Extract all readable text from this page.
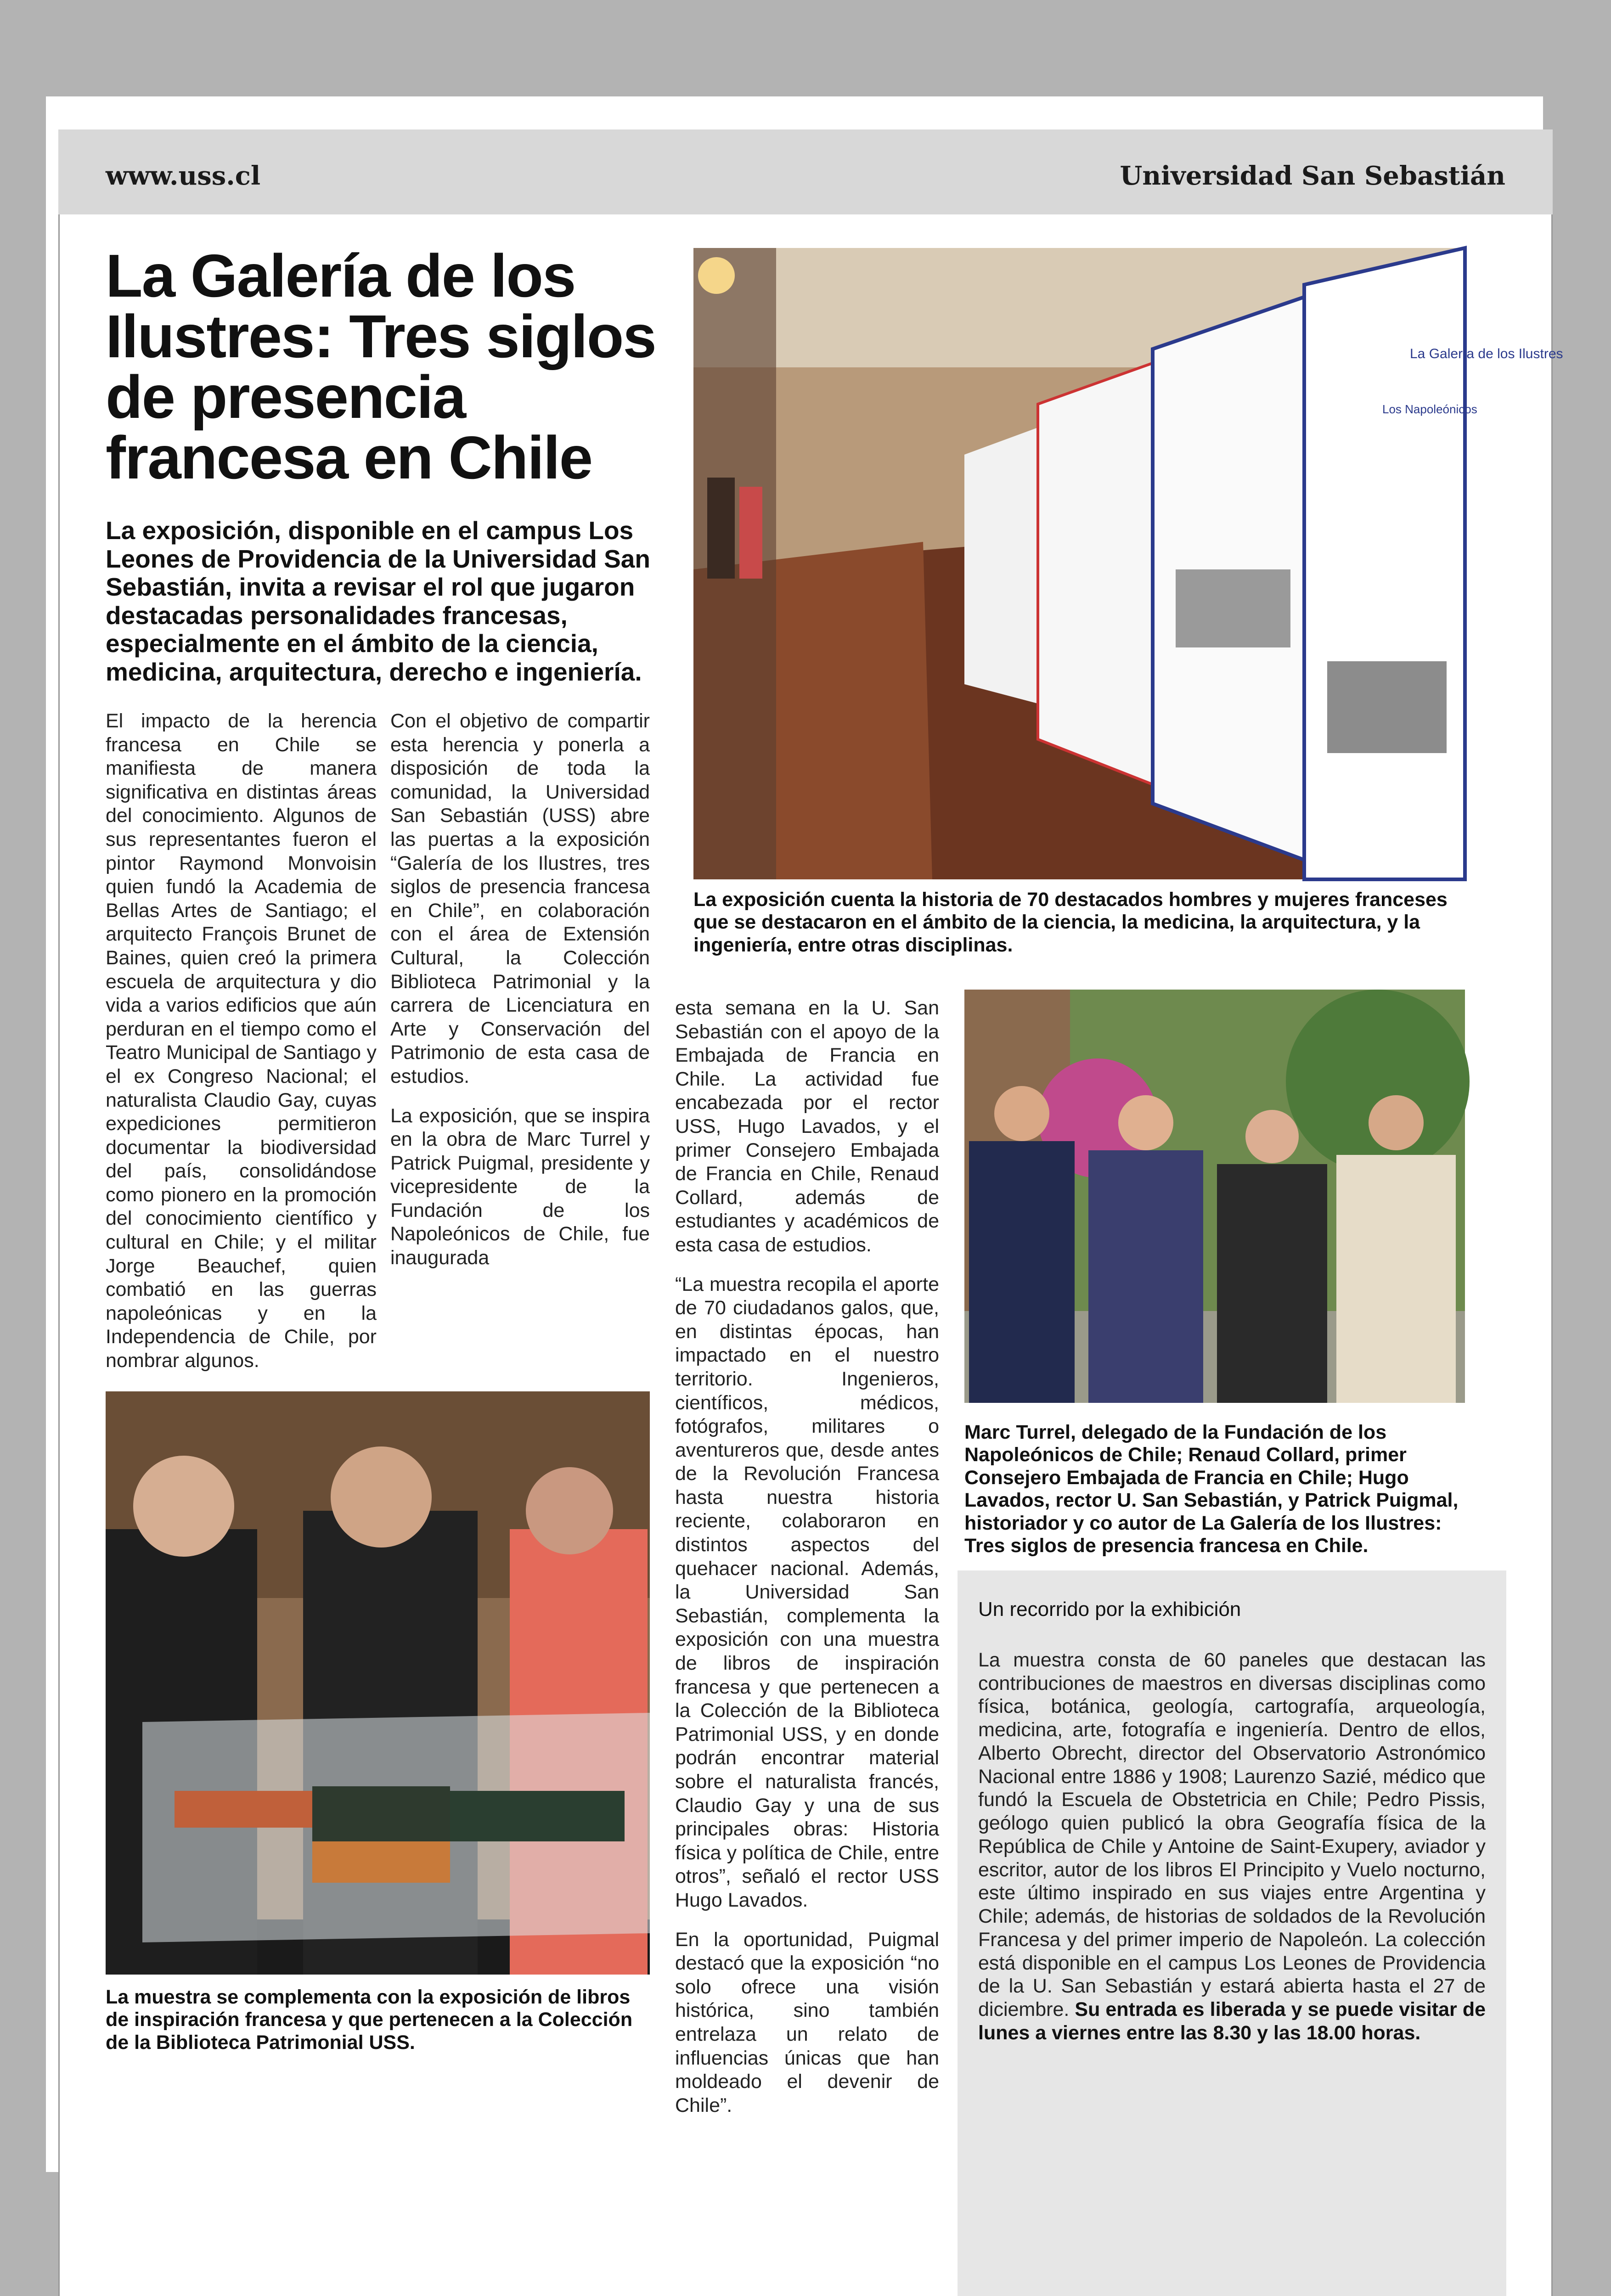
www.uss.cl	Universidad San Sebastián
La Galería de los Ilustres: Tres siglos de presencia francesa en Chile

La exposición, disponible en el campus Los Leones de Providencia de la Universidad San Sebastián, invita a revisar el rol que jugaron destacadas personalidades francesas, especialmente en el ámbito de la ciencia, medicina, arquitectura, derecho e ingeniería.

El impacto de la herencia francesa en Chile se manifiesta de manera significativa en distintas áreas del conocimiento. Algunos de sus representantes fueron el pintor Raymond Monvoisin quien fundó la Academia de Bellas Artes de Santiago; el arquitecto François Brunet de Baines, quien creó la primera escuela de arquitectura y dio vida a varios edificios que aún perduran en el tiempo como el Teatro Municipal de Santiago y el ex Congreso Nacional; el naturalista Claudio Gay, cuyas expediciones permitieron documentar la biodiversidad del país, consolidándose como pionero en la promoción del conocimiento científico y cultural en Chile; y el militar Jorge Beauchef, quien combatió en las guerras napoleónicas y en la Independencia de Chile, por nombrar algunos.

Con el objetivo de compartir esta herencia y ponerla a disposición de toda la comunidad, la Universidad San Sebastián (USS) abre las puertas a la exposición “Galería de los Ilustres, tres siglos de presencia francesa en Chile”, en colaboración con el área de Extensión Cultural, la Colección Biblioteca Patrimonial y la carrera de Licenciatura en Arte y Conservación del Patrimonio de esta casa de estudios.

La exposición, que se inspira en la obra de Marc Turrel y Patrick Puigmal, presidente y vicepresidente de la Fundación de los Napoleónicos de Chile, fue inaugurada

esta semana en la U. San Sebastián con el apoyo de la Embajada de Francia en Chile. La actividad fue encabezada por el rector USS, Hugo Lavados, y el primer Consejero Embajada de Francia en Chile, Renaud Collard, además de estudiantes y académicos de esta casa de estudios.

“La muestra recopila el aporte de 70 ciudadanos galos, que, en distintas épocas, han impactado en el nuestro territorio. Ingenieros, científicos, médicos, fotógrafos, militares o aventureros que, desde antes de la Revolución Francesa hasta nuestra historia reciente, colaboraron en distintos aspectos del quehacer nacional. Además, la Universidad San Sebastián, complementa la exposición con una muestra de libros de inspiración francesa y que pertenecen a la Colección de la Biblioteca Patrimonial USS, y en donde podrán encontrar material sobre el naturalista francés, Claudio Gay y una de sus principales obras: Historia física y política de Chile, entre otros”, señaló el rector USS Hugo Lavados.

En la oportunidad, Puigmal destacó que la exposición “no solo ofrece una visión histórica, sino también entrelaza un relato de influencias únicas que han moldeado el devenir de Chile”.

La Galería de los Ilustres
Los Napoleónicos
La exposición cuenta la historia de 70 destacados hombres y mujeres franceses que se destacaron en el ámbito de la ciencia, la medicina, la arquitectura, y la ingeniería, entre otras disciplinas.
Marc Turrel, delegado de la Fundación de los Napoleónicos de Chile; Renaud Collard, primer Consejero Embajada de Francia en Chile; Hugo Lavados, rector U. San Sebastián, y Patrick Puigmal, historiador y co autor de La Galería de los Ilustres: Tres siglos de presencia francesa en Chile.
La muestra se complementa con la exposición de libros de inspiración francesa y que pertenecen a la Colección de la Biblioteca Patrimonial USS.
Un recorrido por la exhibición
La muestra consta de 60 paneles que destacan las contribuciones de maestros en diversas disciplinas como física, botánica, geología, cartografía, arqueología, medicina, arte, fotografía e ingeniería. Dentro de ellos, Alberto Obrecht, director del Observatorio Astronómico Nacional entre 1886 y 1908; Laurenzo Sazié, médico que fundó la Escuela de Obstetricia en Chile; Pedro Pissis, geólogo quien publicó la obra Geografía física de la República de Chile y Antoine de Saint-Exupery, aviador y escritor, autor de los libros El Principito y Vuelo nocturno, este último inspirado en sus viajes entre Argentina y Chile; además, de historias de soldados de la Revolución Francesa y del primer imperio de Napoleón. La colección está disponible en el campus Los Leones de Providencia de la U. San Sebastián y estará abierta hasta el 27 de diciembre. Su entrada es liberada y se puede visitar de lunes a viernes entre las 8.30 y las 18.00 horas.
